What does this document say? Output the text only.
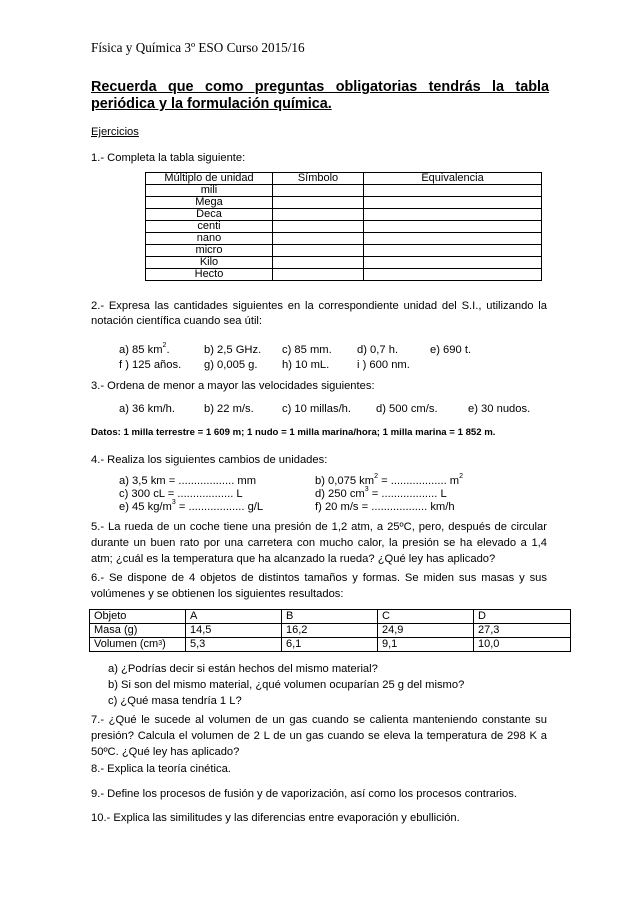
Física y Química 3º ESO Curso 2015/16
Recuerda que como preguntas obligatorias tendrás la tabla periódica y la formulación química.
Ejercicios
1.- Completa la tabla siguiente:
Múltiplo de unidad	Símbolo	Equivalencia
mili		
Mega		
Deca		
centi		
nano		
micro		
Kilo		
Hecto		
2.- Expresa las cantidades siguientes en la correspondiente unidad del S.I., utilizando la notación científica cuando sea útil:
a) 85 $km^2$.	b) 2,5 GHz. c) 85 mm. d) 0,7 h.	e) 690 t.
f ) 125 años. g) 0,005 g. h) 10 mL. i ) 600 nm.
3.- Ordena de menor a mayor las velocidades siguientes:
a) 36 km/h.	b) 22 m/s.	c) 10 millas/h. d) 500 cm/s.	e) 30 nudos.
Datos: 1 milla terrestre = 1 609 m; 1 nudo = 1 milla marina/hora; 1 milla marina = 1 852 m.
4.- Realiza los siguientes cambios de unidades:
a) 3,5 km = .................. mm	b) 0,075 $km^2$ = .................. $m^2$
c) 300 cL = .................. L	d) 250 $cm^3$ = .................. L
e) 45 $kg/m^3$ = .................. g/L	f) 20 m/s = .................. km/h
5.- La rueda de un coche tiene una presión de 1,2 atm, a 25ºC, pero, después de circular durante un buen rato por una carretera con mucho calor, la presión se ha elevado a 1,4 atm; ¿cuál es la temperatura que ha alcanzado la rueda? ¿Qué ley has aplicado?
6.- Se dispone de 4 objetos de distintos tamaños y formas. Se miden sus masas y sus volúmenes y se obtienen los siguientes resultados:
Objeto	A	B	C	D
Masa (g)	14,5	16,2	24,9	27,3
Volumen $(cm^3)$	5,3	6,1	9,1	10,0
a) ¿Podrías decir si están hechos del mismo material?
b) Si son del mismo material, ¿qué volumen ocuparían 25 g del mismo?
c) ¿Qué masa tendría 1 L?
7.- ¿Qué le sucede al volumen de un gas cuando se calienta manteniendo constante su presión? Calcula el volumen de 2 L de un gas cuando se eleva la temperatura de 298 K a 50ºC. ¿Qué ley has aplicado?
8.- Explica la teoría cinética.
9.- Define los procesos de fusión y de vaporización, así como los procesos contrarios.
10.- Explica las similitudes y las diferencias entre evaporación y ebullición.
